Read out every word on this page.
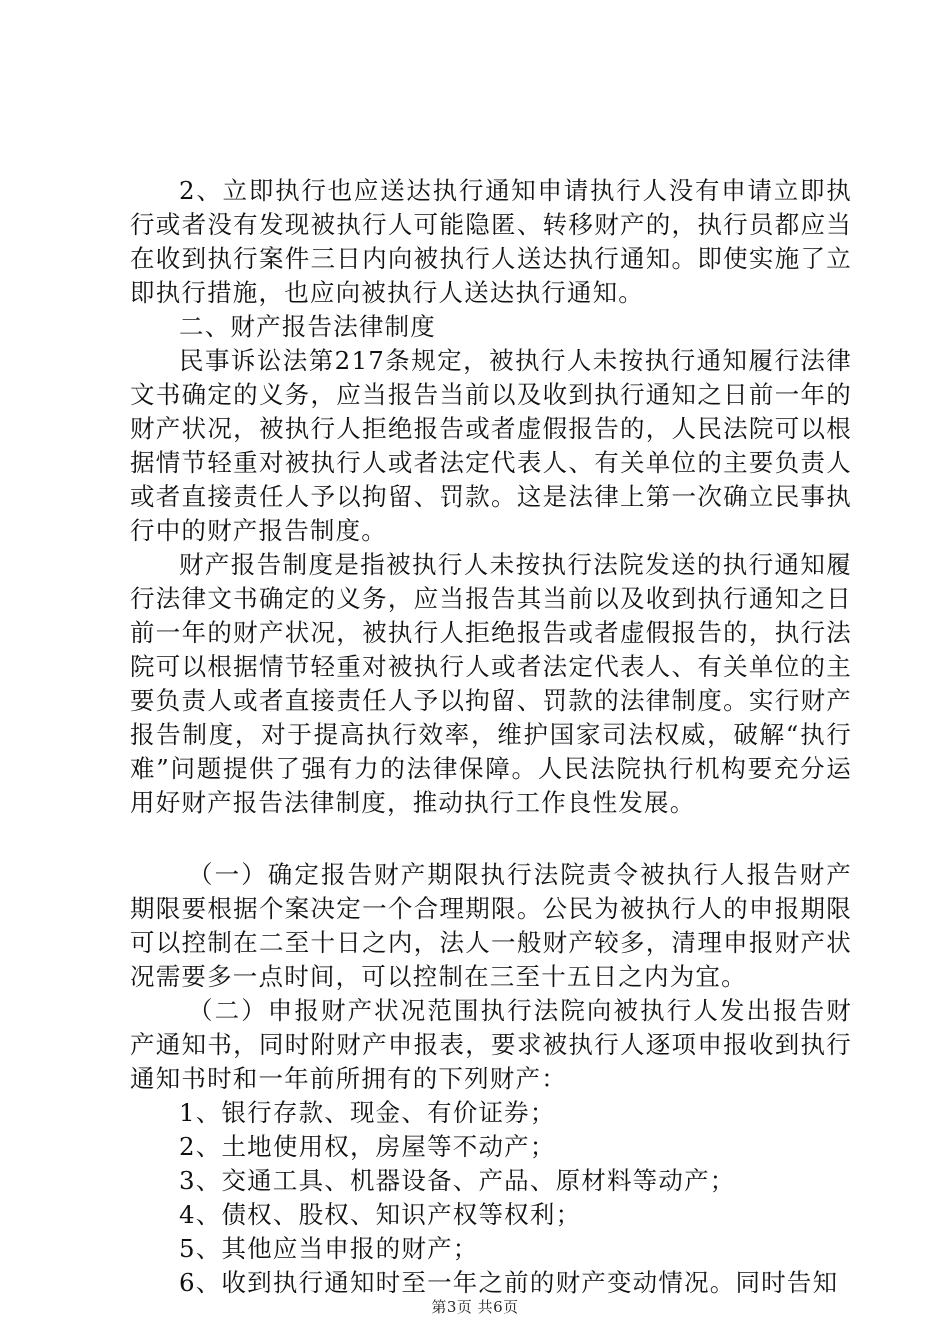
2、立即执行也应送达执行通知申请执行人没有申请立即执行或者没有发现被执行人可能隐匿、转移财产的，执行员都应当在收到执行案件三日内向被执行人送达执行通知。即使实施了立即执行措施，也应向被执行人送达执行通知。

二、财产报告法律制度

民事诉讼法第217条规定，被执行人未按执行通知履行法律文书确定的义务，应当报告当前以及收到执行通知之日前一年的财产状况，被执行人拒绝报告或者虚假报告的，人民法院可以根据情节轻重对被执行人或者法定代表人、有关单位的主要负责人或者直接责任人予以拘留、罚款。这是法律上第一次确立民事执行中的财产报告制度。

财产报告制度是指被执行人未按执行法院发送的执行通知履行法律文书确定的义务，应当报告其当前以及收到执行通知之日前一年的财产状况，被执行人拒绝报告或者虚假报告的，执行法院可以根据情节轻重对被执行人或者法定代表人、有关单位的主要负责人或者直接责任人予以拘留、罚款的法律制度。实行财产报告制度，对于提高执行效率，维护国家司法权威，破解“执行难”问题提供了强有力的法律保障。人民法院执行机构要充分运用好财产报告法律制度，推动执行工作良性发展。

（一）确定报告财产期限执行法院责令被执行人报告财产期限要根据个案决定一个合理期限。公民为被执行人的申报期限可以控制在二至十日之内，法人一般财产较多，清理申报财产状况需要多一点时间，可以控制在三至十五日之内为宜。

（二）申报财产状况范围执行法院向被执行人发出报告财产通知书，同时附财产申报表，要求被执行人逐项申报收到执行通知书时和一年前所拥有的下列财产：

1、银行存款、现金、有价证券；

2、土地使用权，房屋等不动产；

3、交通工具、机器设备、产品、原材料等动产；

4、债权、股权、知识产权等权利；

5、其他应当申报的财产；

6、收到执行通知时至一年之前的财产变动情况。同时告知

第3页 共6页
